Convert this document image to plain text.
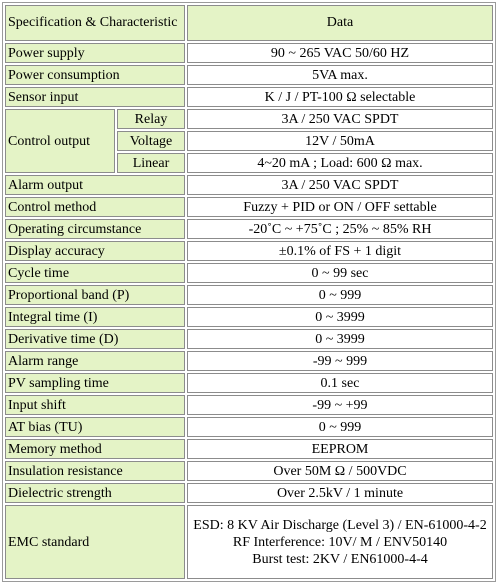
Specification & Characteristic		Data
Power supply		90 ~ 265 VAC 50/60 HZ
Power consumption		5VA max.
Sensor input		K / J / PT-100 Ω selectable
Control output	Relay	3A / 250 VAC SPDT
	Voltage	12V / 50mA
	Linear	4~20 mA ; Load: 600 Ω max.
Alarm output		3A / 250 VAC SPDT
Control method		Fuzzy + PID or ON / OFF settable
Operating circumstance		-20˚C ~ +75˚C ; 25% ~ 85% RH
Display accuracy		±0.1% of FS + 1 digit
Cycle time		0 ~ 99 sec
Proportional band (P)		0 ~ 999
Integral time (I)		0 ~ 3999
Derivative time (D)		0 ~ 3999
Alarm range		-99 ~ 999
PV sampling time		0.1 sec
Input shift		-99 ~ +99
AT bias (TU)		0 ~ 999
Memory method		EEPROM
Insulation resistance		Over 50M Ω / 500VDC
Dielectric strength		Over 2.5kV / 1 minute
EMC standard		ESD: 8 KV Air Discharge (Level 3) / EN-61000-4-2
RF Interference: 10V/ M / ENV50140
Burst test: 2KV / EN61000-4-4
